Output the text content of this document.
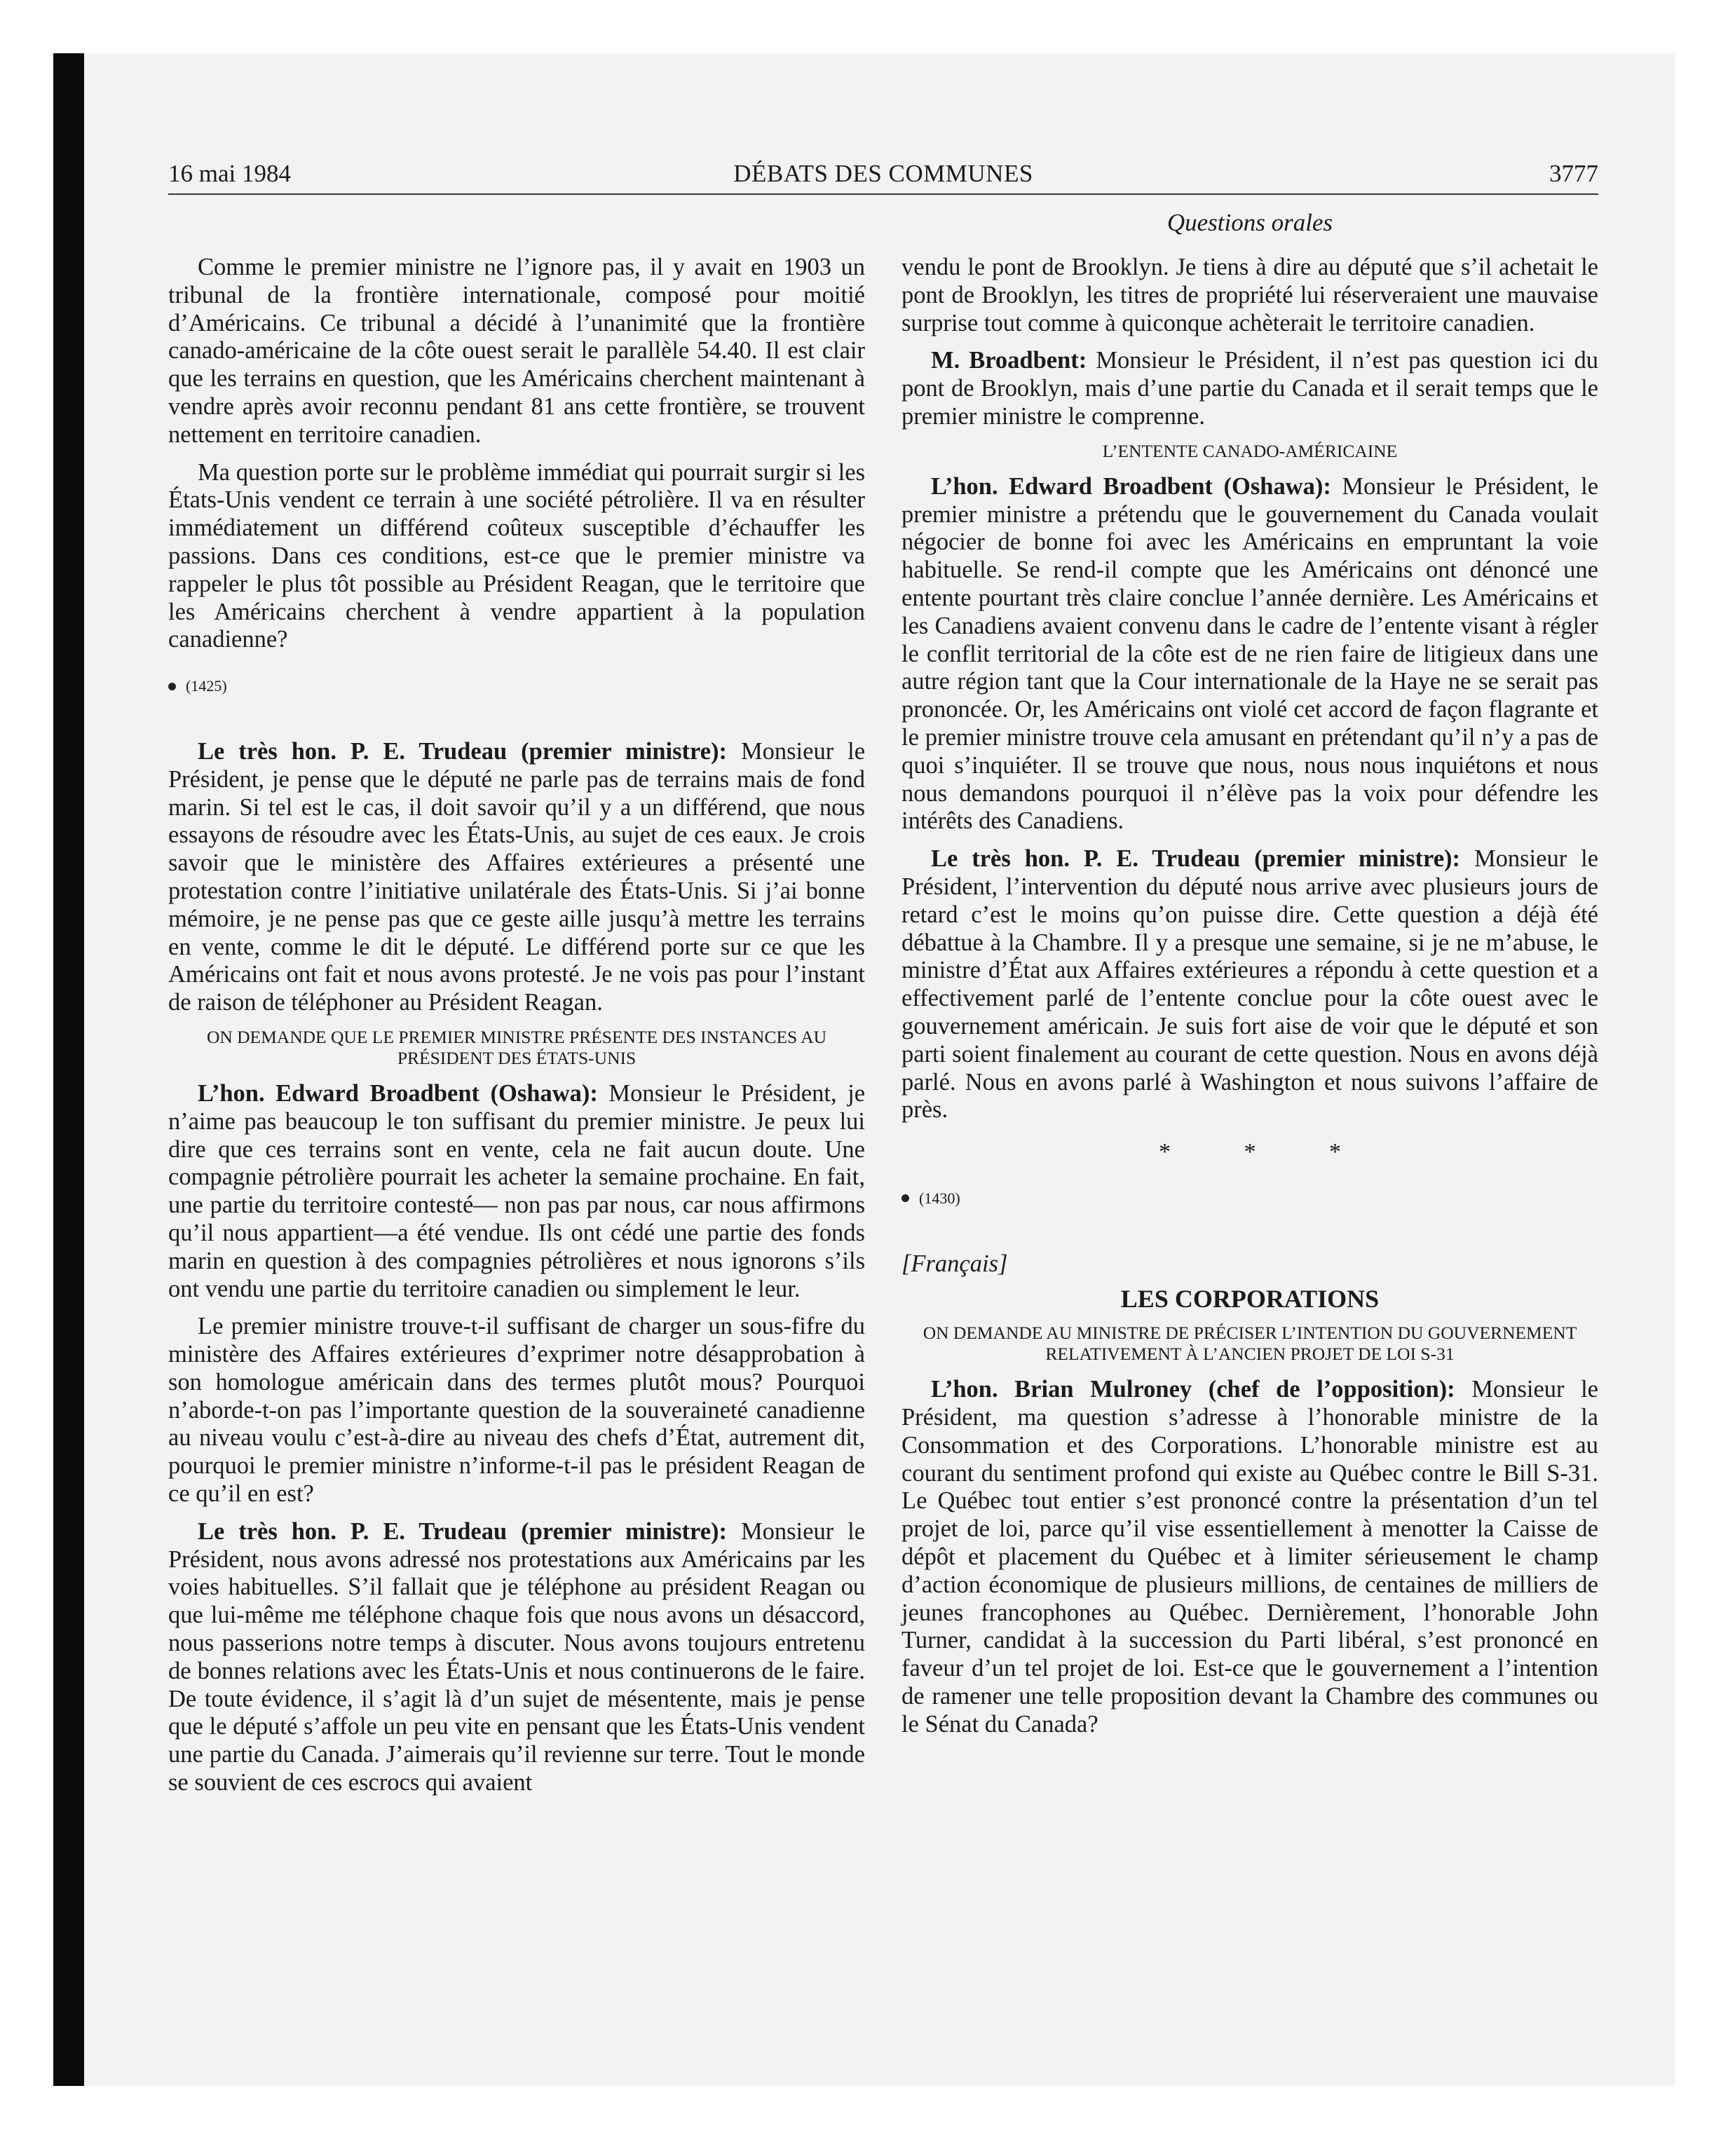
16 mai 1984	DÉBATS DES COMMUNES	3777
Questions orales

Comme le premier ministre ne l’ignore pas, il y avait en 1903 un tribunal de la frontière internationale, composé pour moitié d’Américains. Ce tribunal a décidé à l’unanimité que la frontière canado-américaine de la côte ouest serait le parallèle 54.40. Il est clair que les terrains en question, que les Américains cherchent maintenant à vendre après avoir reconnu pendant 81 ans cette frontière, se trouvent nettement en territoire canadien.

Ma question porte sur le problème immédiat qui pourrait surgir si les États-Unis vendent ce terrain à une société pétrolière. Il va en résulter immédiatement un différend coûteux susceptible d’échauffer les passions. Dans ces conditions, est-ce que le premier ministre va rappeler le plus tôt possible au Président Reagan, que le territoire que les Américains cherchent à vendre appartient à la population canadienne?

(1425)

Le très hon. P. E. Trudeau (premier ministre): Monsieur le Président, je pense que le député ne parle pas de terrains mais de fond marin. Si tel est le cas, il doit savoir qu’il y a un différend, que nous essayons de résoudre avec les États-Unis, au sujet de ces eaux. Je crois savoir que le ministère des Affaires extérieures a présenté une protestation contre l’initiative unilatérale des États-Unis. Si j’ai bonne mémoire, je ne pense pas que ce geste aille jusqu’à mettre les terrains en vente, comme le dit le député. Le différend porte sur ce que les Américains ont fait et nous avons protesté. Je ne vois pas pour l’instant de raison de téléphoner au Président Reagan.

ON DEMANDE QUE LE PREMIER MINISTRE PRÉSENTE DES INSTANCES AU PRÉSIDENT DES ÉTATS-UNIS

L’hon. Edward Broadbent (Oshawa): Monsieur le Président, je n’aime pas beaucoup le ton suffisant du premier ministre. Je peux lui dire que ces terrains sont en vente, cela ne fait aucun doute. Une compagnie pétrolière pourrait les acheter la semaine prochaine. En fait, une partie du territoire contesté— non pas par nous, car nous affirmons qu’il nous appartient—a été vendue. Ils ont cédé une partie des fonds marin en question à des compagnies pétrolières et nous ignorons s’ils ont vendu une partie du territoire canadien ou simplement le leur.

Le premier ministre trouve-t-il suffisant de charger un sous-fifre du ministère des Affaires extérieures d’exprimer notre désapprobation à son homologue américain dans des termes plutôt mous? Pourquoi n’aborde-t-on pas l’importante question de la souveraineté canadienne au niveau voulu c’est-à-dire au niveau des chefs d’État, autrement dit, pourquoi le premier ministre n’informe-t-il pas le président Reagan de ce qu’il en est?

Le très hon. P. E. Trudeau (premier ministre): Monsieur le Président, nous avons adressé nos protestations aux Américains par les voies habituelles. S’il fallait que je téléphone au président Reagan ou que lui-même me téléphone chaque fois que nous avons un désaccord, nous passerions notre temps à discuter. Nous avons toujours entretenu de bonnes relations avec les États-Unis et nous continuerons de le faire. De toute évidence, il s’agit là d’un sujet de mésentente, mais je pense que le député s’affole un peu vite en pensant que les États-Unis vendent une partie du Canada. J’aimerais qu’il revienne sur terre. Tout le monde se souvient de ces escrocs qui avaient

vendu le pont de Brooklyn. Je tiens à dire au député que s’il achetait le pont de Brooklyn, les titres de propriété lui réserveraient une mauvaise surprise tout comme à quiconque achèterait le territoire canadien.

M. Broadbent: Monsieur le Président, il n’est pas question ici du pont de Brooklyn, mais d’une partie du Canada et il serait temps que le premier ministre le comprenne.

L’ENTENTE CANADO-AMÉRICAINE

L’hon. Edward Broadbent (Oshawa): Monsieur le Président, le premier ministre a prétendu que le gouvernement du Canada voulait négocier de bonne foi avec les Américains en empruntant la voie habituelle. Se rend-il compte que les Américains ont dénoncé une entente pourtant très claire conclue l’année dernière. Les Américains et les Canadiens avaient convenu dans le cadre de l’entente visant à régler le conflit territorial de la côte est de ne rien faire de litigieux dans une autre région tant que la Cour internationale de la Haye ne se serait pas prononcée. Or, les Américains ont violé cet accord de façon flagrante et le premier ministre trouve cela amusant en prétendant qu’il n’y a pas de quoi s’inquiéter. Il se trouve que nous, nous nous inquiétons et nous nous demandons pourquoi il n’élève pas la voix pour défendre les intérêts des Canadiens.

Le très hon. P. E. Trudeau (premier ministre): Monsieur le Président, l’intervention du député nous arrive avec plusieurs jours de retard c’est le moins qu’on puisse dire. Cette question a déjà été débattue à la Chambre. Il y a presque une semaine, si je ne m’abuse, le ministre d’État aux Affaires extérieures a répondu à cette question et a effectivement parlé de l’entente conclue pour la côte ouest avec le gouvernement américain. Je suis fort aise de voir que le député et son parti soient finalement au courant de cette question. Nous en avons déjà parlé. Nous en avons parlé à Washington et nous suivons l’affaire de près.

* * *
(1430)
[Français]
LES CORPORATIONS
ON DEMANDE AU MINISTRE DE PRÉCISER L’INTENTION DU GOUVERNEMENT RELATIVEMENT À L’ANCIEN PROJET DE LOI S-31

L’hon. Brian Mulroney (chef de l’opposition): Monsieur le Président, ma question s’adresse à l’honorable ministre de la Consommation et des Corporations. L’honorable ministre est au courant du sentiment profond qui existe au Québec contre le Bill S-31. Le Québec tout entier s’est prononcé contre la présentation d’un tel projet de loi, parce qu’il vise essentiellement à menotter la Caisse de dépôt et placement du Québec et à limiter sérieusement le champ d’action économique de plusieurs millions, de centaines de milliers de jeunes francophones au Québec. Dernièrement, l’honorable John Turner, candidat à la succession du Parti libéral, s’est prononcé en faveur d’un tel projet de loi. Est-ce que le gouvernement a l’intention de ramener une telle proposition devant la Chambre des communes ou le Sénat du Canada?
